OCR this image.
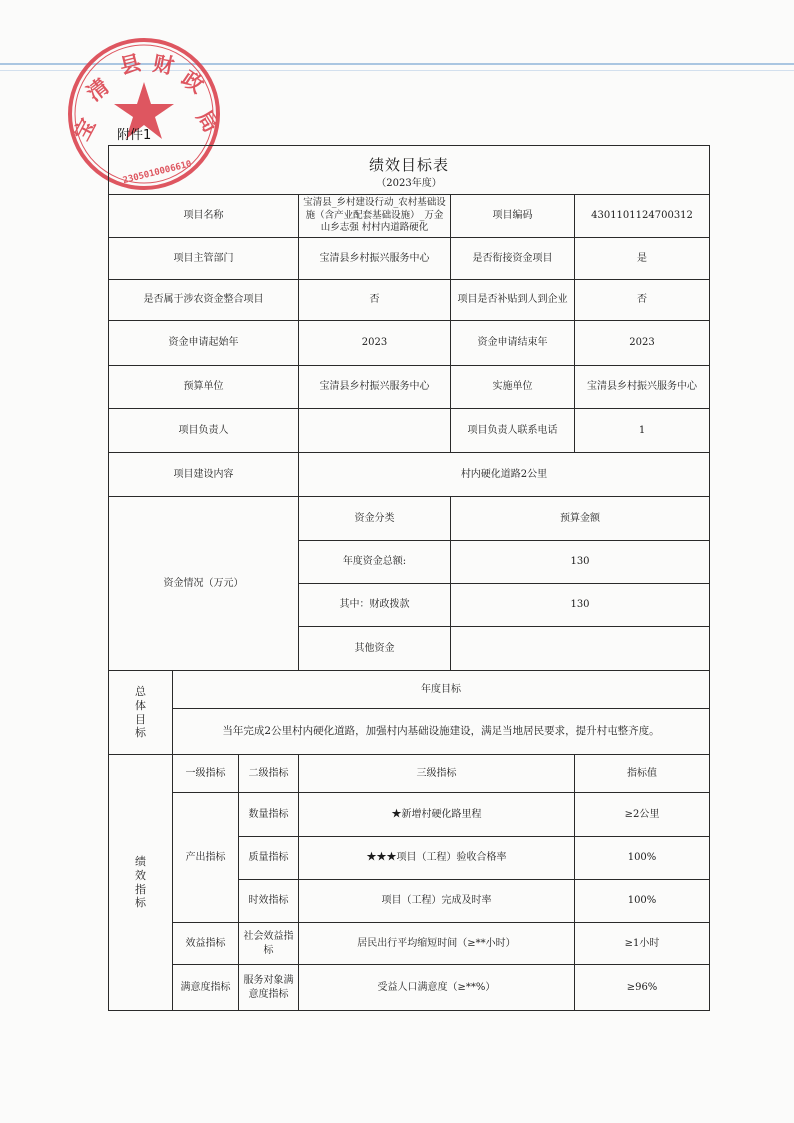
宝
清
县 财
政
局
2305010006610
附件1
绩效目标表
（2023年度）					

项目名称			宝清县_乡村建设行动_农村基础设施（含产业配套基础设施）_万金山乡志强 村村内道路硬化	项目编码	4301101124700312
项目主管部门			宝清县乡村振兴服务中心	是否衔接资金项目	是
是否属于涉农资金整合项目			否	项目是否补贴到人到企业	否
资金申请起始年			2023	资金申请结束年	2023
预算单位			宝清县乡村振兴服务中心	实施单位	宝清县乡村振兴服务中心
项目负责人				项目负责人联系电话	1
项目建设内容			村内硬化道路2公里		
资金情况（万元）			资金分类	预算金额	
			年度资金总额:	130	
			其中：财政拨款	130	
			其他资金		

总
体
目
标	年度目标				
	当年完成2公里村内硬化道路，加强村内基础设施建设，满足当地居民要求，提升村屯整齐度。				

绩
效
指
标	一级指标	二级指标	三级指标		指标值
	产出指标	数量指标	★新增村硬化路里程		≥2公里
		质量指标	★★★项目（工程）验收合格率		100%
		时效指标	项目（工程）完成及时率		100%
	效益指标	社会效益指标	居民出行平均缩短时间（≥**小时）		≥1小时
	满意度指标	服务对象满意度指标	受益人口满意度（≥**%）		≥96%
